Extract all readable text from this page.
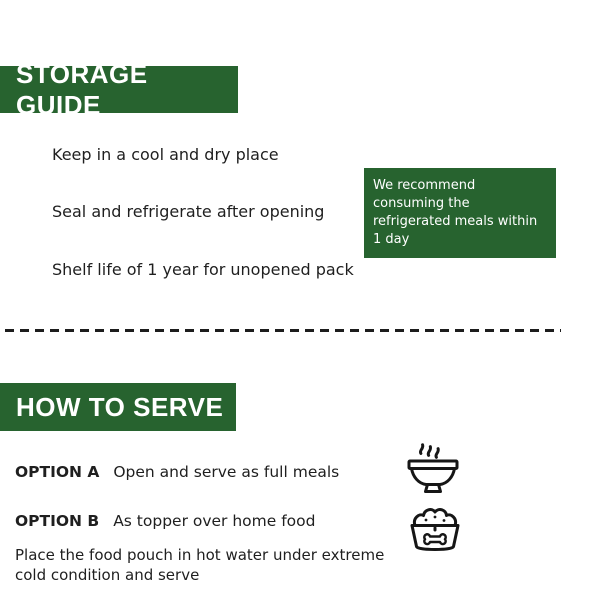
STORAGE GUIDE

Keep in a cool and dry place

Seal and refrigerate after opening

Shelf life of 1 year for unopened pack

We recommend consuming the refrigerated meals within 1 day
HOW TO SERVE

OPTION A Open and serve as full meals

OPTION B As topper over home food

Place the food pouch in hot water under extreme cold condition and serve
